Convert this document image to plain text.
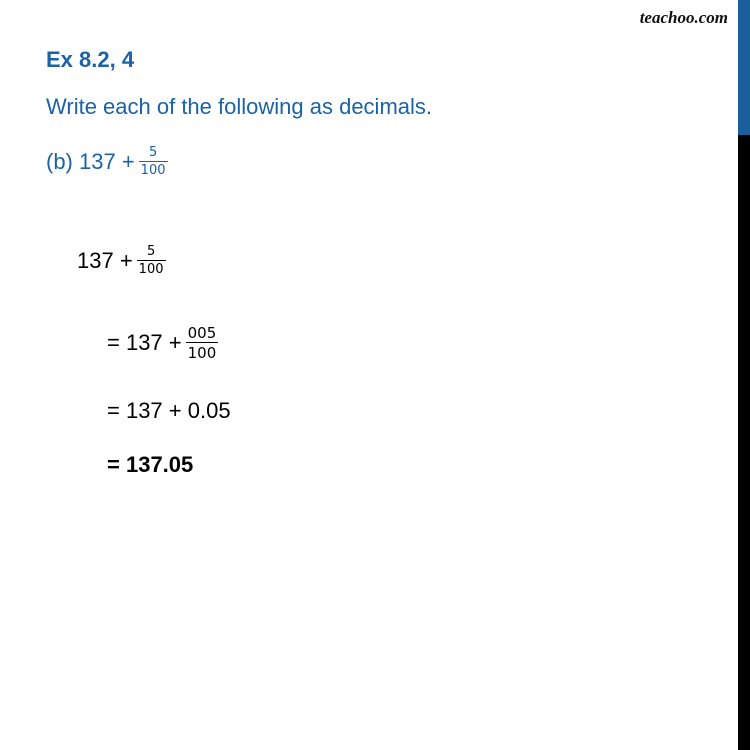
teachoo.com
Ex 8.2, 4
Write each of the following as decimals.
(b) $137 + \frac{5}{100}$
$137 + \frac{5}{100}$
= $137 + \frac{005}{100}$
= 137 + 0.05
= 137.05
